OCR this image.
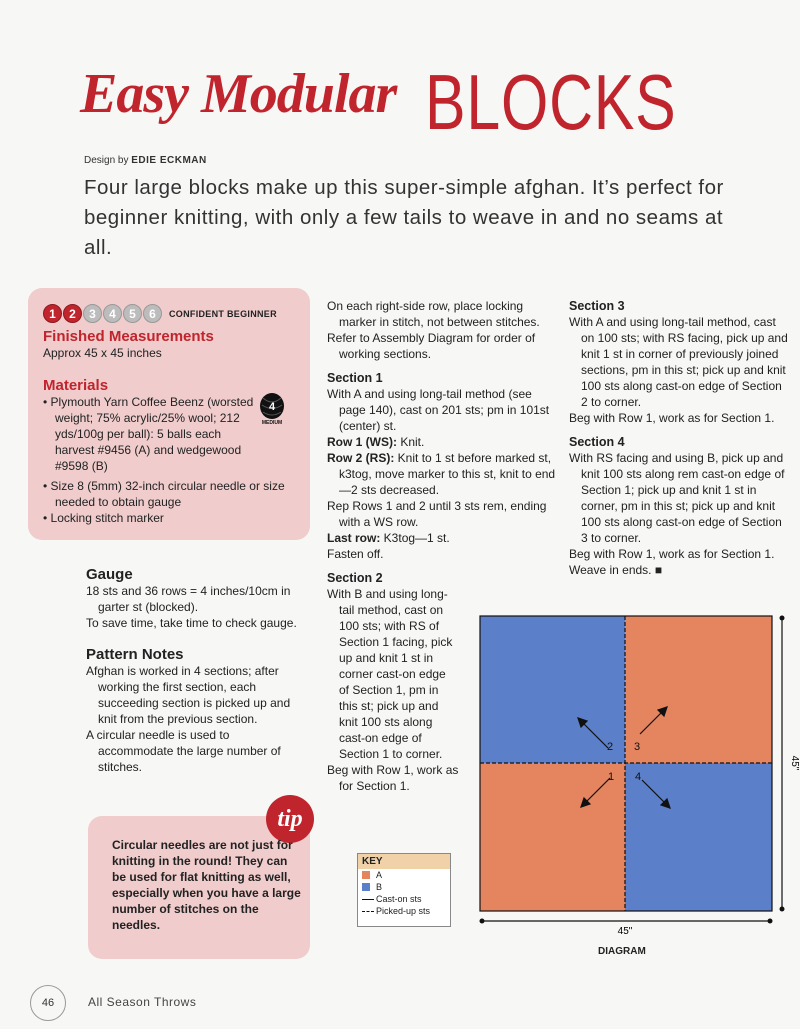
Easy Modular BLOCKS
Design by EDIE ECKMAN
Four large blocks make up this super-simple afghan. It’s perfect for beginner knitting, with only a few tails to weave in and no seams at all.
1	2	3	4	5	6	CONFIDENT BEGINNER
Finished Measurements
Approx 45 x 45 inches
Materials
• Plymouth Yarn Coffee Beenz (worsted weight; 75% acrylic/25% wool; 212 yds/100g per ball): 5 balls each harvest #9456 (A) and wedgewood #9598 (B)
• Size 8 (5mm) 32-inch circular needle or size needed to obtain gauge
• Locking stitch marker
4
MEDIUM
Gauge
18 sts and 36 rows = 4 inches/10cm in garter st (blocked).
To save time, take time to check gauge.
Pattern Notes
Afghan is worked in 4 sections; after working the first section, each succeeding section is picked up and knit from the previous section.
A circular needle is used to accommodate the large number of stitches.
tip
Circular needles are not just for knitting in the round! They can be used for flat knitting as well, especially when you have a large number of stitches on the needles.
On each right-side row, place locking marker in stitch, not between stitches.
Refer to Assembly Diagram for order of working sections.
Section 1
With A and using long-tail method (see page 140), cast on 201 sts; pm in 101st (center) st.
Row 1 (WS): Knit.
Row 2 (RS): Knit to 1 st before marked st, k3tog, move marker to this st, knit to end—2 sts decreased.
Rep Rows 1 and 2 until 3 sts rem, ending with a WS row.
Last row: K3tog—1 st.
Fasten off.
Section 2
With B and using long-tail method, cast on 100 sts; with RS of Section 1 facing, pick up and knit 1 st in corner cast-on edge of Section 1, pm in this st; pick up and knit 100 sts along cast-on edge of Section 1 to corner.
Beg with Row 1, work as for Section 1.
Section 3
With A and using long-tail method, cast on 100 sts; with RS facing, pick up and knit 1 st in corner of previously joined sections, pm in this st; pick up and knit 100 sts along cast-on edge of Section 2 to corner.
Beg with Row 1, work as for Section 1.
Section 4
With RS facing and using B, pick up and knit 100 sts along rem cast-on edge of Section 1; pick up and knit 1 st in corner, pm in this st; pick up and knit 100 sts along cast-on edge of Section 3 to corner.
Beg with Row 1, work as for Section 1.
Weave in ends. ■
2 3
1 4
45"
45"
KEY
A
B
Cast-on sts
Picked-up sts
DIAGRAM
46	All Season Throws
